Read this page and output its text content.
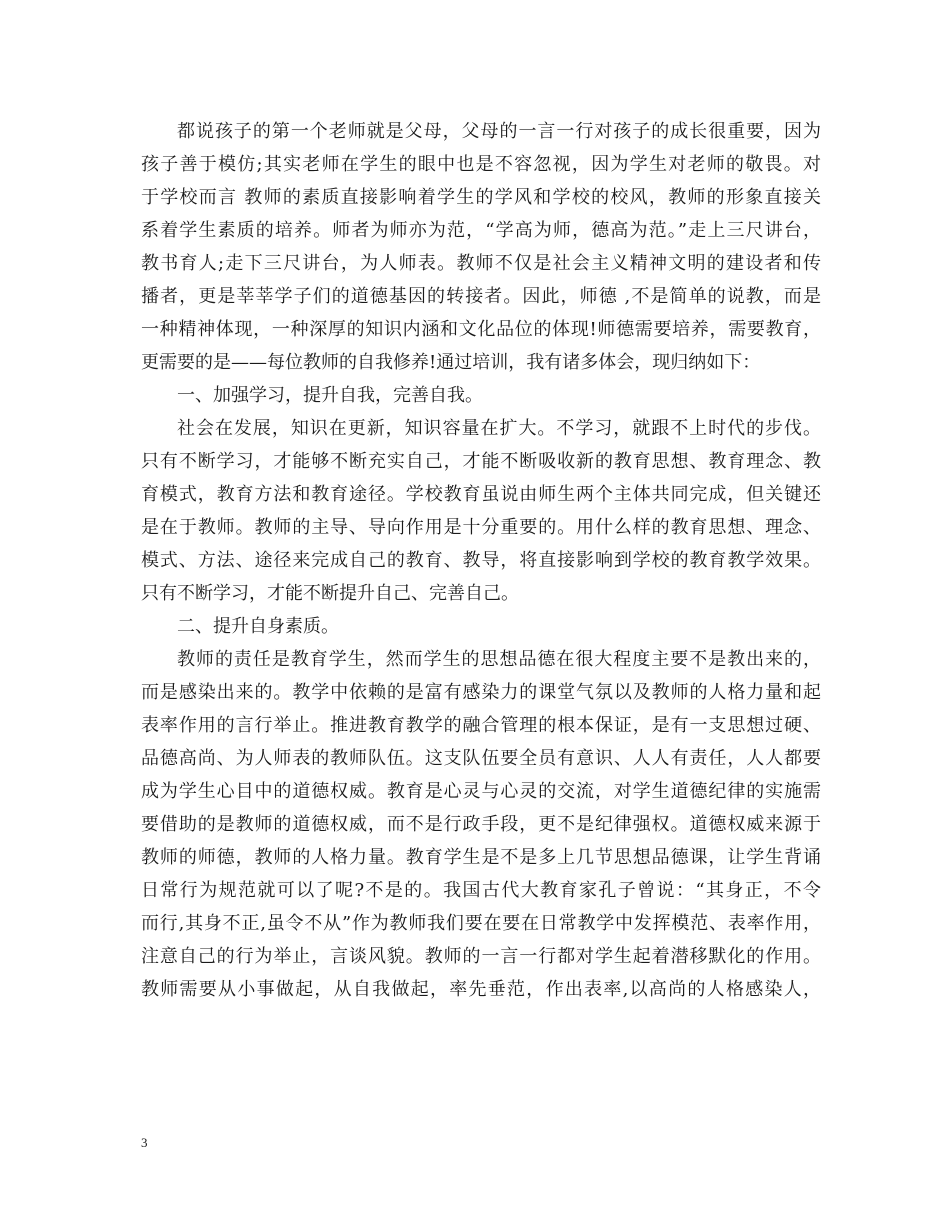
都说孩子的第一个老师就是父母，父母的一言一行对孩子的成长很重要，因为
孩子善于模仿;其实老师在学生的眼中也是不容忽视，因为学生对老师的敬畏。对
于学校而言 教师的素质直接影响着学生的学风和学校的校风，教师的形象直接关
系着学生素质的培养。师者为师亦为范，“学高为师，德高为范。”走上三尺讲台，
教书育人;走下三尺讲台，为人师表。教师不仅是社会主义精神文明的建设者和传
播者，更是莘莘学子们的道德基因的转接者。因此，师德 ,不是简单的说教，而是
一种精神体现，一种深厚的知识内涵和文化品位的体现!师德需要培养，需要教育，
更需要的是——每位教师的自我修养!通过培训，我有诸多体会，现归纳如下：
一、加强学习，提升自我，完善自我。
社会在发展，知识在更新，知识容量在扩大。不学习，就跟不上时代的步伐。
只有不断学习，才能够不断充实自己，才能不断吸收新的教育思想、教育理念、教
育模式，教育方法和教育途径。学校教育虽说由师生两个主体共同完成，但关键还
是在于教师。教师的主导、导向作用是十分重要的。用什么样的教育思想、理念、
模式、方法、途径来完成自己的教育、教导，将直接影响到学校的教育教学效果。
只有不断学习，才能不断提升自己、完善自己。
二、提升自身素质。
教师的责任是教育学生，然而学生的思想品德在很大程度主要不是教出来的，
而是感染出来的。教学中依赖的是富有感染力的课堂气氛以及教师的人格力量和起
表率作用的言行举止。推进教育教学的融合管理的根本保证，是有一支思想过硬、
品德高尚、为人师表的教师队伍。这支队伍要全员有意识、人人有责任，人人都要
成为学生心目中的道德权威。教育是心灵与心灵的交流，对学生道德纪律的实施需
要借助的是教师的道德权威，而不是行政手段，更不是纪律强权。道德权威来源于
教师的师德，教师的人格力量。教育学生是不是多上几节思想品德课，让学生背诵
日常行为规范就可以了呢?不是的。我国古代大教育家孔子曾说：“其身正，不令
而行,其身不正,虽令不从”作为教师我们要在要在日常教学中发挥模范、表率作用，
注意自己的行为举止，言谈风貌。教师的一言一行都对学生起着潜移默化的作用。
教师需要从小事做起，从自我做起，率先垂范，作出表率,以高尚的人格感染人，
3
